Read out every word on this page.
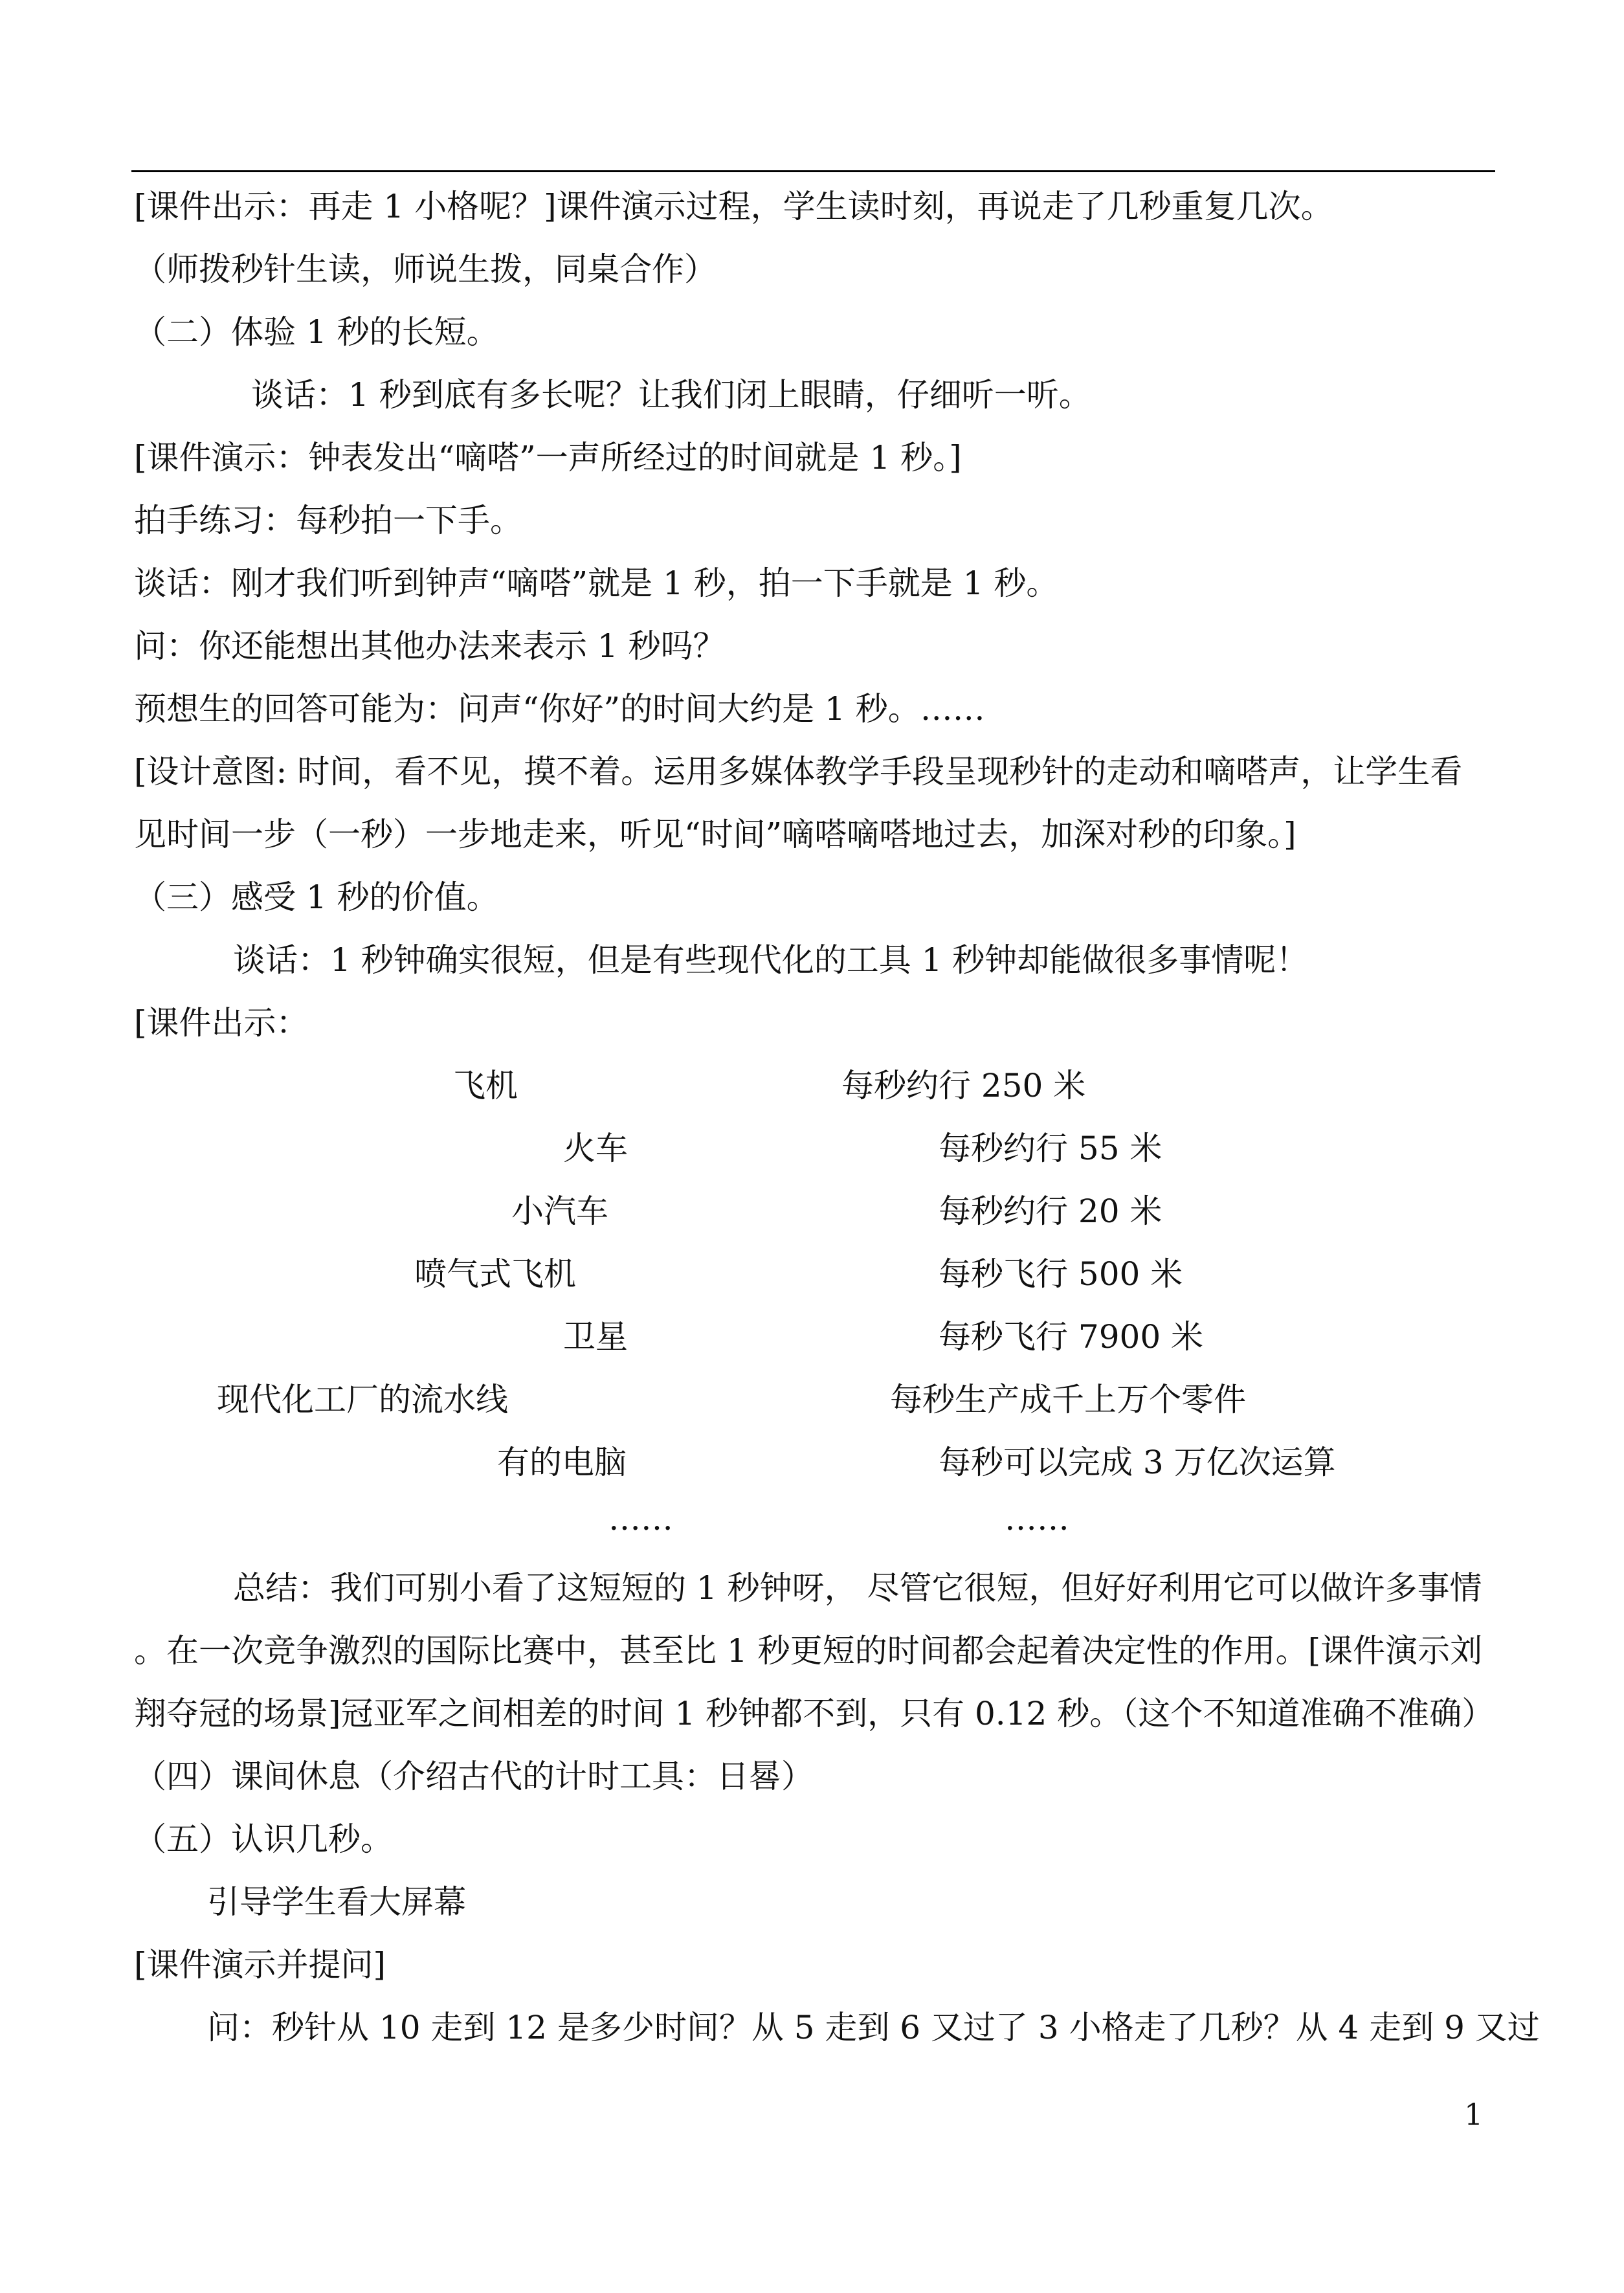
[课件出示：再走 1 小格呢？]课件演示过程，学生读时刻，再说走了几秒重复几次。
（师拨秒针生读，师说生拨，同桌合作）
（二）体验 1 秒的长短。
谈话：1 秒到底有多长呢？让我们闭上眼睛，仔细听一听。
[课件演示：钟表发出“嘀嗒”一声所经过的时间就是 1 秒。]
拍手练习：每秒拍一下手。
谈话：刚才我们听到钟声“嘀嗒”就是 1 秒，拍一下手就是 1 秒。
问：你还能想出其他办法来表示 1 秒吗？
预想生的回答可能为：问声“你好”的时间大约是 1 秒。……
[设计意图: 时间，看不见，摸不着。运用多媒体教学手段呈现秒针的走动和嘀嗒声，让学生看
见时间一步（一秒）一步地走来，听见“时间”嘀嗒嘀嗒地过去，加深对秒的印象。]
（三）感受 1 秒的价值。
谈话：1 秒钟确实很短，但是有些现代化的工具 1 秒钟却能做很多事情呢！
[课件出示：
飞机	每秒约行 250 米
火车	每秒约行 55 米
小汽车	每秒约行 20 米
喷气式飞机	每秒飞行 500 米
卫星	每秒飞行 7900 米
现代化工厂的流水线	每秒生产成千上万个零件
有的电脑	每秒可以完成 3 万亿次运算
……	……
总结：我们可别小看了这短短的 1 秒钟呀， 尽管它很短，但好好利用它可以做许多事情
。在一次竞争激烈的国际比赛中，甚至比 1 秒更短的时间都会起着决定性的作用。[课件演示刘
翔夺冠的场景]冠亚军之间相差的时间 1 秒钟都不到，只有 0.12 秒。（这个不知道准确不准确）
（四）课间休息（介绍古代的计时工具：日晷）
（五）认识几秒。
引导学生看大屏幕
[课件演示并提问]
问：秒针从 10 走到 12 是多少时间？从 5 走到 6 又过了 3 小格走了几秒？从 4 走到 9 又过
1
